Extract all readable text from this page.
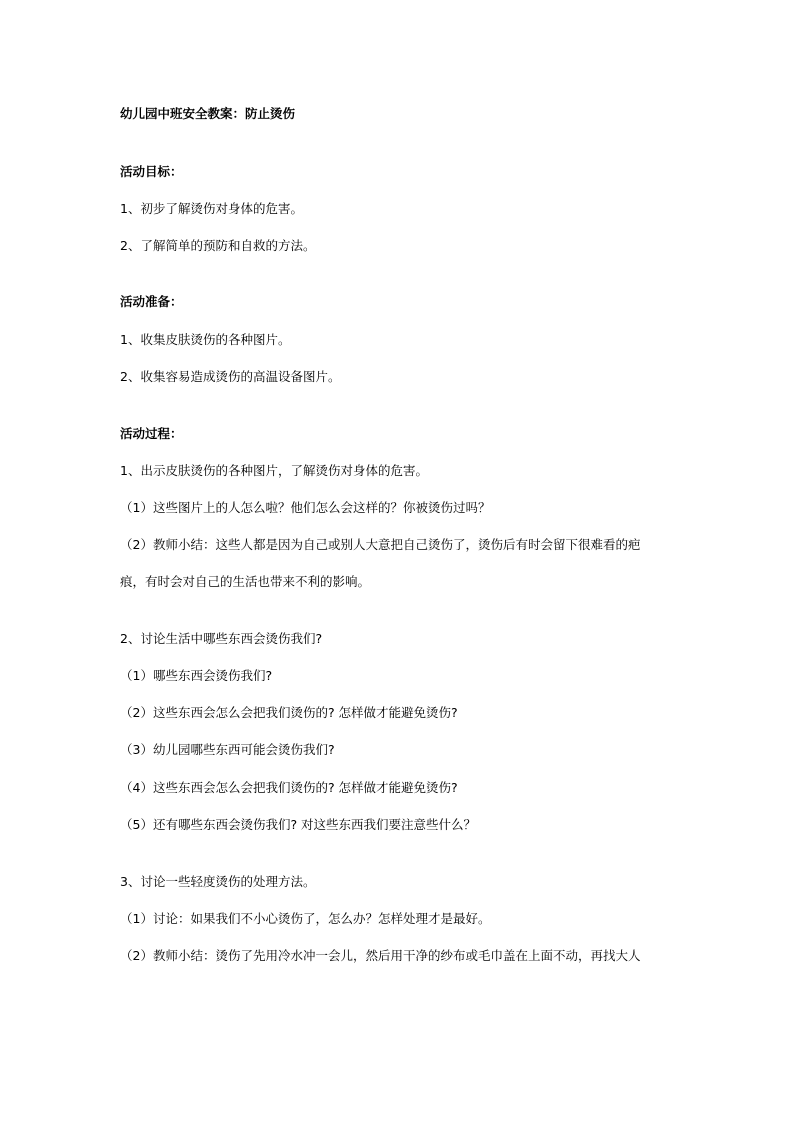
幼儿园中班安全教案：防止烫伤
活动目标：
1、初步了解烫伤对身体的危害。
2、了解简单的预防和自救的方法。
活动准备：
1、收集皮肤烫伤的各种图片。
2、收集容易造成烫伤的高温设备图片。
活动过程：
1、出示皮肤烫伤的各种图片，了解烫伤对身体的危害。
（1）这些图片上的人怎么啦？他们怎么会这样的？你被烫伤过吗？
（2）教师小结：这些人都是因为自己或别人大意把自己烫伤了，烫伤后有时会留下很难看的疤
痕，有时会对自己的生活也带来不利的影响。
2、讨论生活中哪些东西会烫伤我们?
（1）哪些东西会烫伤我们?
（2）这些东西会怎么会把我们烫伤的? 怎样做才能避免烫伤?
（3）幼儿园哪些东西可能会烫伤我们?
（4）这些东西会怎么会把我们烫伤的? 怎样做才能避免烫伤?
（5）还有哪些东西会烫伤我们? 对这些东西我们要注意些什么？
3、讨论一些轻度烫伤的处理方法。
（1）讨论：如果我们不小心烫伤了，怎么办？怎样处理才是最好。
（2）教师小结：烫伤了先用冷水冲一会儿，然后用干净的纱布或毛巾盖在上面不动，再找大人
